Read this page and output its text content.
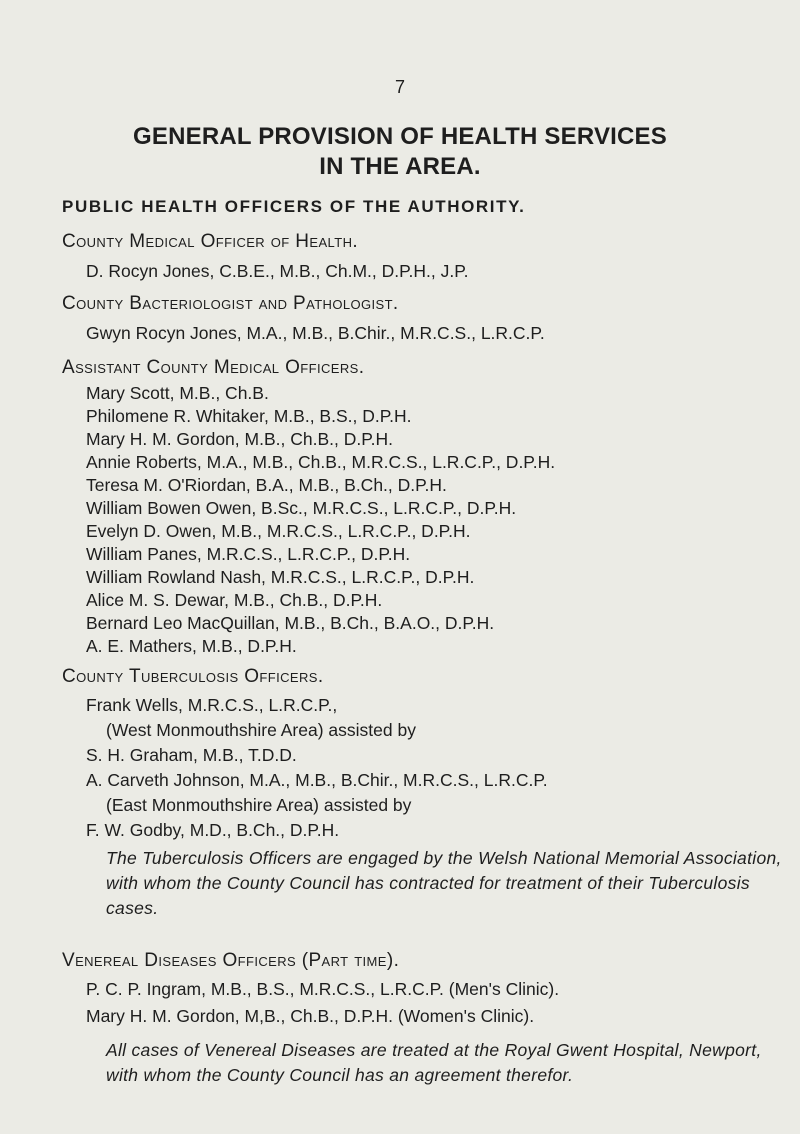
7
GENERAL PROVISION OF HEALTH SERVICES
IN THE AREA.
PUBLIC HEALTH OFFICERS OF THE AUTHORITY.
County Medical Officer of Health.
D. Rocyn Jones, C.B.E., M.B., Ch.M., D.P.H., J.P.
County Bacteriologist and Pathologist.
Gwyn Rocyn Jones, M.A., M.B., B.Chir., M.R.C.S., L.R.C.P.
Assistant County Medical Officers.
Mary Scott, M.B., Ch.B.
Philomene R. Whitaker, M.B., B.S., D.P.H.
Mary H. M. Gordon, M.B., Ch.B., D.P.H.
Annie Roberts, M.A., M.B., Ch.B., M.R.C.S., L.R.C.P., D.P.H.
Teresa M. O'Riordan, B.A., M.B., B.Ch., D.P.H.
William Bowen Owen, B.Sc., M.R.C.S., L.R.C.P., D.P.H.
Evelyn D. Owen, M.B., M.R.C.S., L.R.C.P., D.P.H.
William Panes, M.R.C.S., L.R.C.P., D.P.H.
William Rowland Nash, M.R.C.S., L.R.C.P., D.P.H.
Alice M. S. Dewar, M.B., Ch.B., D.P.H.
Bernard Leo MacQuillan, M.B., B.Ch., B.A.O., D.P.H.
A. E. Mathers, M.B., D.P.H.
County Tuberculosis Officers.
Frank Wells, M.R.C.S., L.R.C.P.,
(West Monmouthshire Area) assisted by
S. H. Graham, M.B., T.D.D.
A. Carveth Johnson, M.A., M.B., B.Chir., M.R.C.S., L.R.C.P.
(East Monmouthshire Area) assisted by
F. W. Godby, M.D., B.Ch., D.P.H.
The Tuberculosis Officers are engaged by the Welsh National Memorial Association, with whom the County Council has contracted for treatment of their Tuberculosis cases.
Venereal Diseases Officers (Part time).
P. C. P. Ingram, M.B., B.S., M.R.C.S., L.R.C.P. (Men's Clinic).
Mary H. M. Gordon, M,B., Ch.B., D.P.H. (Women's Clinic).
All cases of Venereal Diseases are treated at the Royal Gwent Hospital, Newport, with whom the County Council has an agreement therefor.
